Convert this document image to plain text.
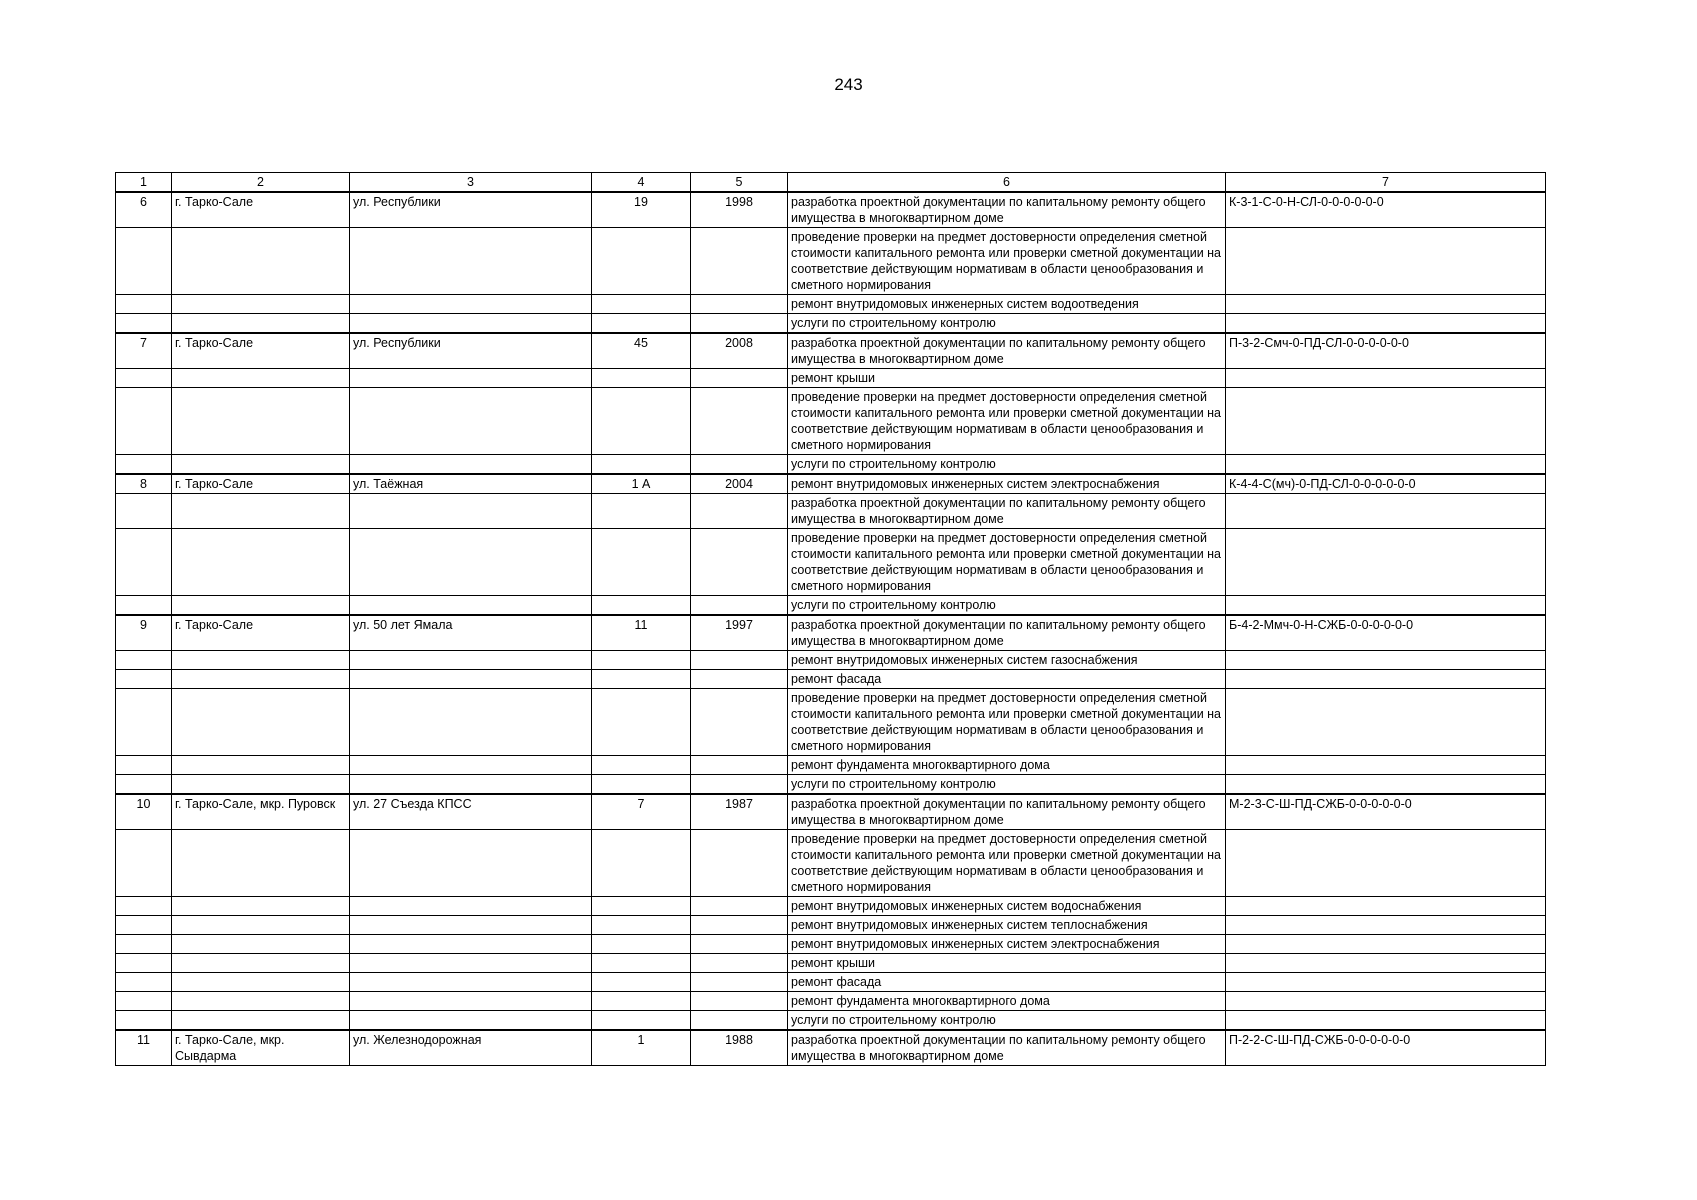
243
1	2	3	4	5	6	7
6	г. Тарко-Сале	ул. Республики	19	1998	разработка проектной документации по капитальному ремонту общего имущества в многоквартирном доме	К-3-1-С-0-Н-СЛ-0-0-0-0-0-0
					проведение проверки на предмет достоверности определения сметной стоимости капитального ремонта или проверки сметной документации на соответствие действующим нормативам в области ценообразования и сметного нормирования	
					ремонт внутридомовых инженерных систем водоотведения	
					услуги по строительному контролю	
7	г. Тарко-Сале	ул. Республики	45	2008	разработка проектной документации по капитальному ремонту общего имущества в многоквартирном доме	П-3-2-Смч-0-ПД-СЛ-0-0-0-0-0-0
					ремонт крыши	
					проведение проверки на предмет достоверности определения сметной стоимости капитального ремонта или проверки сметной документации на соответствие действующим нормативам в области ценообразования и сметного нормирования	
					услуги по строительному контролю	
8	г. Тарко-Сале	ул. Таёжная	1 А	2004	ремонт внутридомовых инженерных систем электроснабжения	К-4-4-С(мч)-0-ПД-СЛ-0-0-0-0-0-0
					разработка проектной документации по капитальному ремонту общего имущества в многоквартирном доме	
					проведение проверки на предмет достоверности определения сметной стоимости капитального ремонта или проверки сметной документации на соответствие действующим нормативам в области ценообразования и сметного нормирования	
					услуги по строительному контролю	
9	г. Тарко-Сале	ул. 50 лет Ямала	11	1997	разработка проектной документации по капитальному ремонту общего имущества в многоквартирном доме	Б-4-2-Ммч-0-Н-СЖБ-0-0-0-0-0-0
					ремонт внутридомовых инженерных систем газоснабжения	
					ремонт фасада	
					проведение проверки на предмет достоверности определения сметной стоимости капитального ремонта или проверки сметной документации на соответствие действующим нормативам в области ценообразования и сметного нормирования	
					ремонт фундамента многоквартирного дома	
					услуги по строительному контролю	
10	г. Тарко-Сале, мкр. Пуровск	ул. 27 Съезда КПСС	7	1987	разработка проектной документации по капитальному ремонту общего имущества в многоквартирном доме	М-2-3-С-Ш-ПД-СЖБ-0-0-0-0-0-0
					проведение проверки на предмет достоверности определения сметной стоимости капитального ремонта или проверки сметной документации на соответствие действующим нормативам в области ценообразования и сметного нормирования	
					ремонт внутридомовых инженерных систем водоснабжения	
					ремонт внутридомовых инженерных систем теплоснабжения	
					ремонт внутридомовых инженерных систем электроснабжения	
					ремонт крыши	
					ремонт фасада	
					ремонт фундамента многоквартирного дома	
					услуги по строительному контролю	
11	г. Тарко-Сале, мкр. Сывдарма	ул. Железнодорожная	1	1988	разработка проектной документации по капитальному ремонту общего имущества в многоквартирном доме	П-2-2-С-Ш-ПД-СЖБ-0-0-0-0-0-0
